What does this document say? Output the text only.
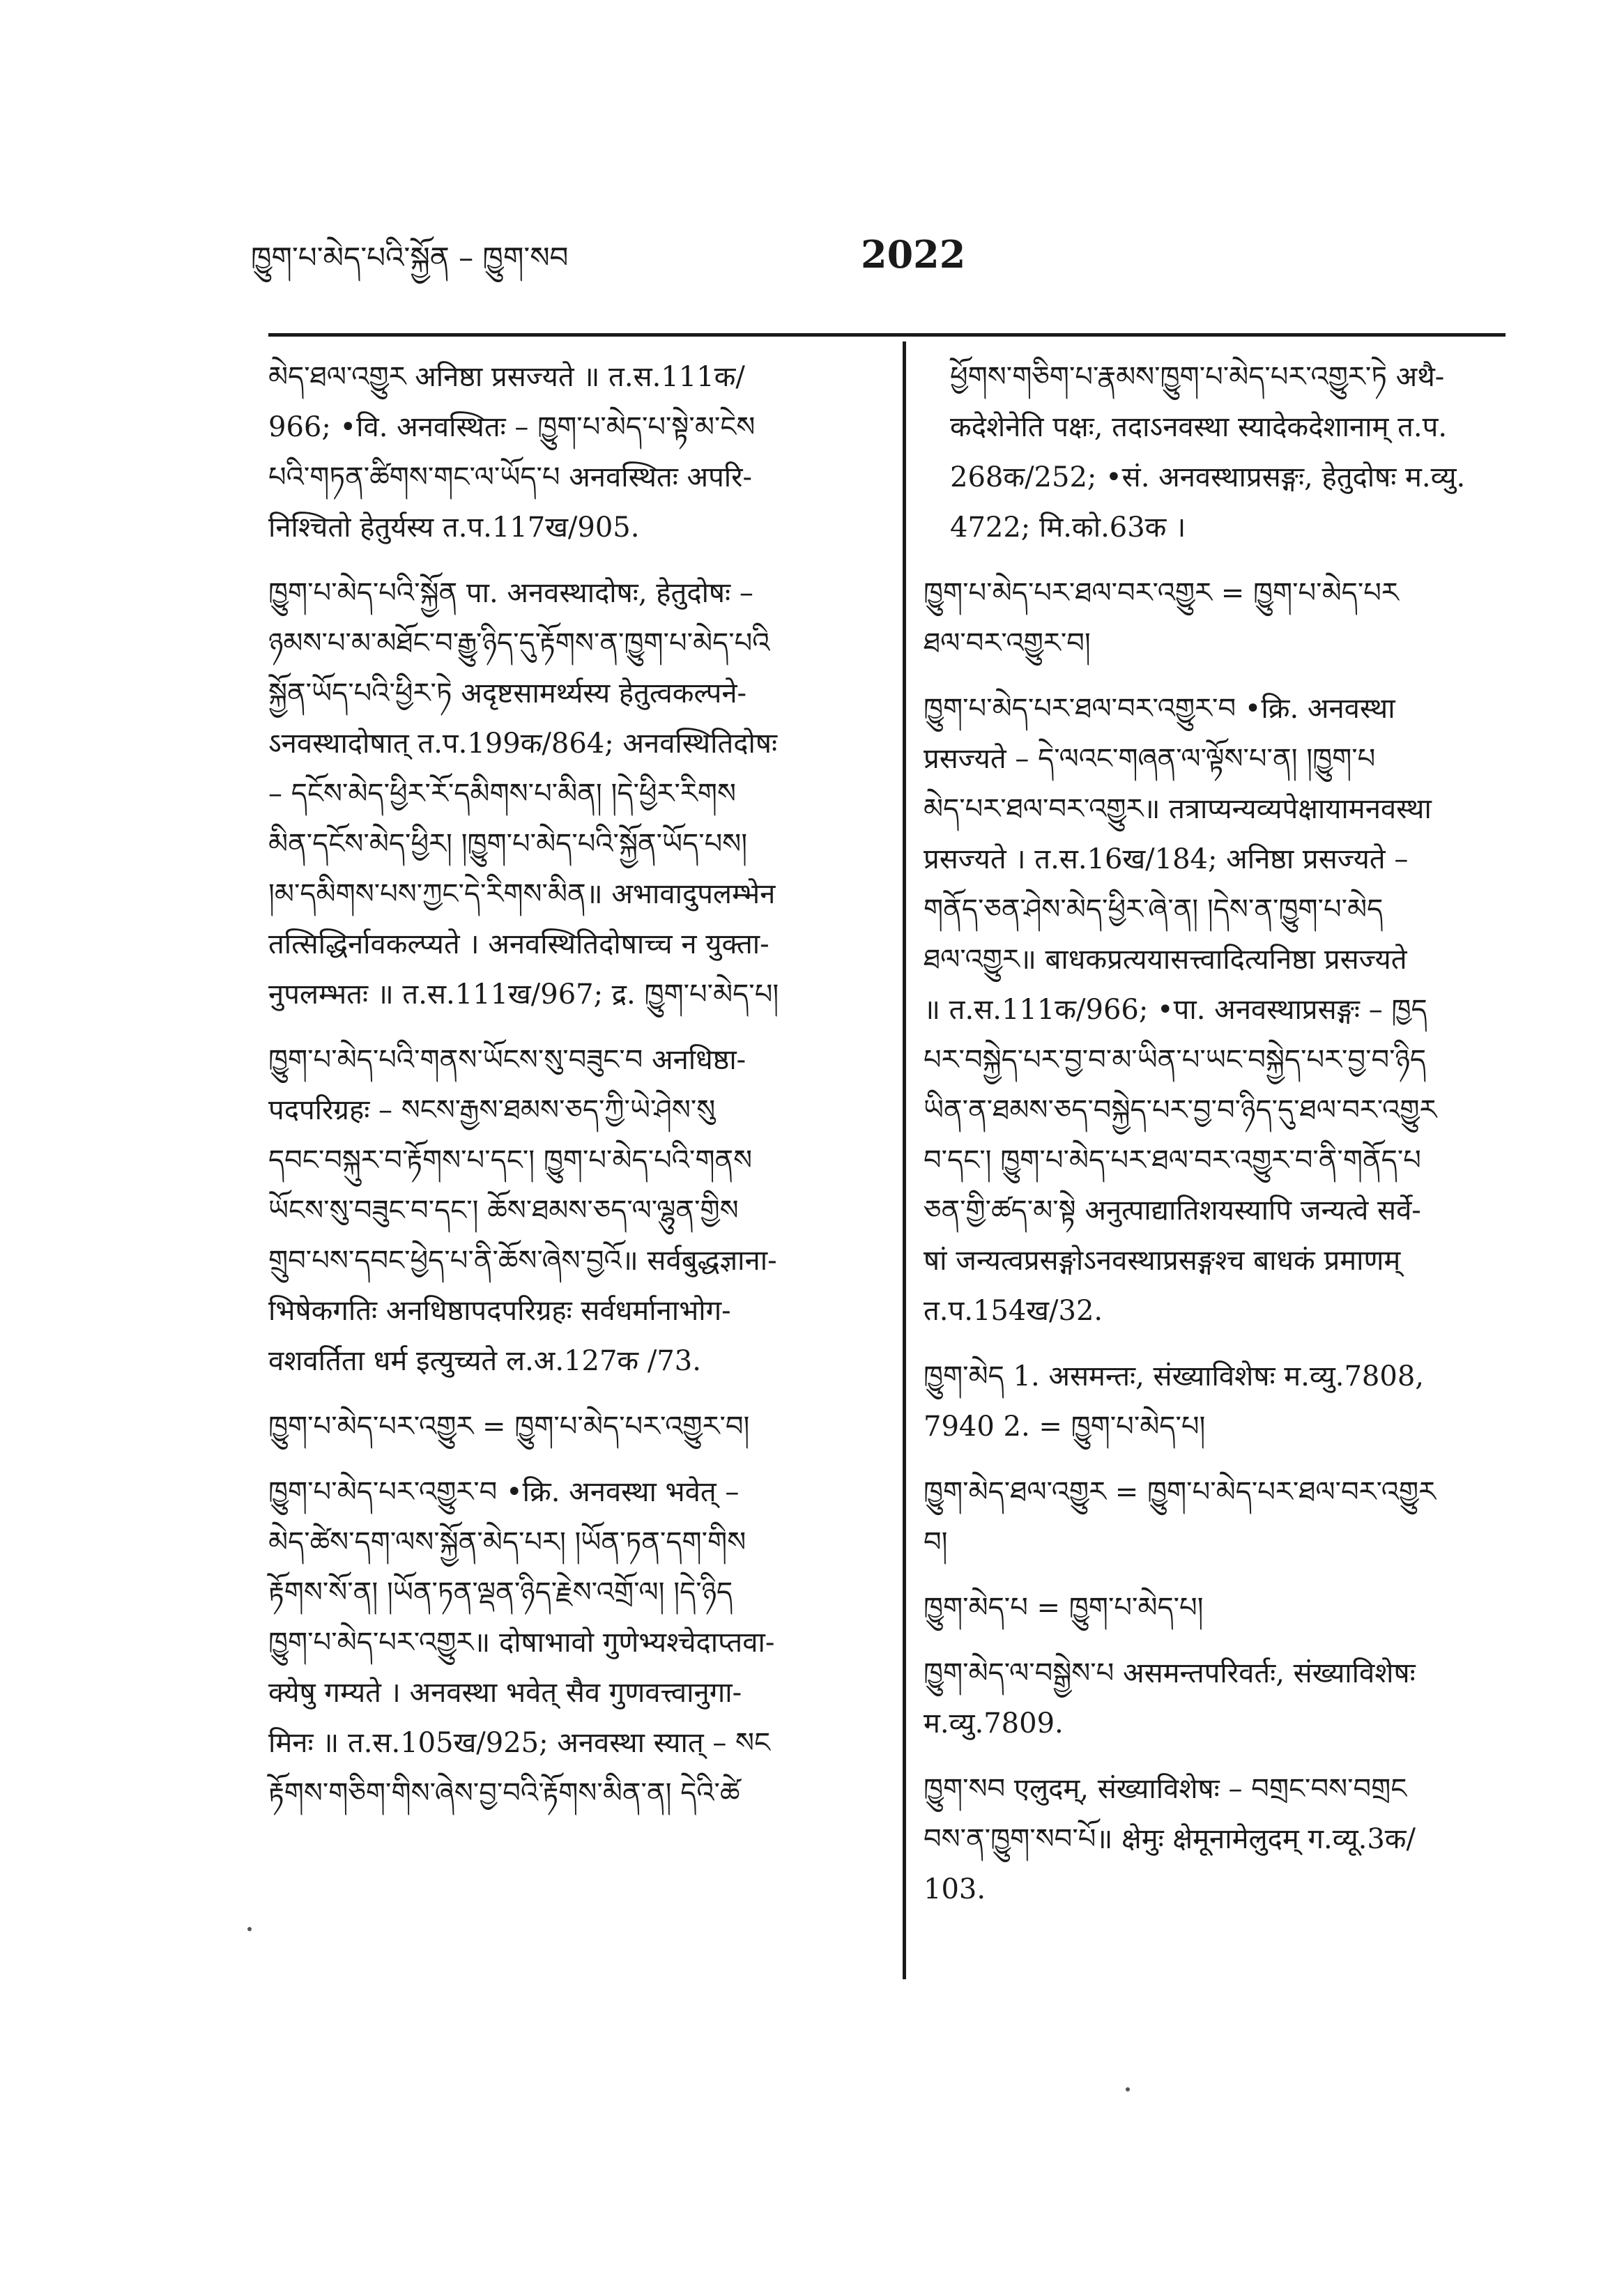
ཁྱུག་པ་མེད་པའི་སྐྱོན – ཁྱུག་སབ	2022
མེད་ཐལ་འགྱུར अनिष्ठा प्रसज्यते ॥ त.स.111क/
966; •वि. अनवस्थितः – ཁྱུག་པ་མེད་པ་སྟེ་མ་ངེས
པའི་གཏན་ཚིགས་གང་ལ་ཡོད་པ अनवस्थितः अपरि-
निश्चितो हेतुर्यस्य त.प.117ख/905.
ཁྱུག་པ་མེད་པའི་སྐྱོན पा. अनवस्थादोषः, हेतुदोषः –
ཉམས་པ་མ་མཐོང་བ་རྒྱུ་ཉིད་དུ་རྟོགས་ན་ཁྱུག་པ་མེད་པའི
སྐྱོན་ཡོད་པའི་ཕྱིར་ཏེ अदृष्टसामर्थ्यस्य हेतुत्वकल्पने-
ऽनवस्थादोषात् त.प.199क/864; अनवस्थितिदोषः
– དངོས་མེད་ཕྱིར་རོ་དམིགས་པ་མིན། །དེ་ཕྱིར་རིགས
མིན་དངོས་མེད་ཕྱིར། །ཁྱུག་པ་མེད་པའི་སྐྱོན་ཡོད་པས།
།མ་དམིགས་པས་ཀྱང་དེ་རིགས་མིན॥ अभावादुपलम्भेन
तत्सिद्धिर्नावकल्प्यते । अनवस्थितिदोषाच्च न युक्ता-
नुपलम्भतः ॥ त.स.111ख/967; द्र. ཁྱུག་པ་མེད་པ།
ཁྱུག་པ་མེད་པའི་གནས་ཡོངས་སུ་བཟུང་བ अनधिष्ठा-
पदपरिग्रहः – སངས་རྒྱས་ཐམས་ཅད་ཀྱི་ཡེ་ཤེས་སུ
དབང་བསྐུར་བ་རྟོགས་པ་དང་། ཁྱུག་པ་མེད་པའི་གནས
ཡོངས་སུ་བཟུང་བ་དང་། ཆོས་ཐམས་ཅད་ལ་ལྷུན་གྱིས
གྲུབ་པས་དབང་ཕྱེད་པ་ནི་ཆོས་ཞེས་བྱའོ॥ सर्वबुद्धज्ञाना-
भिषेकगतिः अनधिष्ठापदपरिग्रहः सर्वधर्मानाभोग-
वशवर्तिता धर्म इत्युच्यते ल.अ.127क /73.
ཁྱུག་པ་མེད་པར་འགྱུར = ཁྱུག་པ་མེད་པར་འགྱུར་བ།
ཁྱུག་པ་མེད་པར་འགྱུར་བ •क्रि. अनवस्था भवेत् –
མེད་ཚེས་དག་ལས་སྐྱོན་མེད་པར། །ཡོན་ཏན་དག་གིས
རྟོགས་སོ་ན། །ཡོན་ཏན་ལྡན་ཉིད་རྗེས་འགྲོ་ལ། །དེ་ཉིད
ཁྱུག་པ་མེད་པར་འགྱུར॥ दोषाभावो गुणेभ्यश्चेदाप्तवा-
क्येषु गम्यते । अनवस्था भवेत् सैव गुणवत्त्वानुगा-
मिनः ॥ त.स.105ख/925; अनवस्था स्यात् – སང
རྟོགས་གཅིག་གིས་ཞེས་བྱ་བའི་རྟོགས་མིན་ན། དེའི་ཚེ
ཕྱོགས་གཅིག་པ་རྣམས་ཁྱུག་པ་མེད་པར་འགྱུར་ཏེ अथै-
कदेशेनेति पक्षः, तदाऽनवस्था स्यादेकदेशानाम् त.प.
268क/252; •सं. अनवस्थाप्रसङ्गः, हेतुदोषः म.व्यु.
4722; मि.को.63क ।
ཁྱུག་པ་མེད་པར་ཐལ་བར་འགྱུར = ཁྱུག་པ་མེད་པར
ཐལ་བར་འགྱུར་བ།
ཁྱུག་པ་མེད་པར་ཐལ་བར་འགྱུར་བ •क्रि. अनवस्था
प्रसज्यते – དེ་ལའང་གཞན་ལ་ལྟོས་པ་ན། །ཁྱུག་པ
མེད་པར་ཐལ་བར་འགྱུར॥ तत्राप्यन्यव्यपेक्षायामनवस्था
प्रसज्यते । त.स.16ख/184; अनिष्ठा प्रसज्यते –
གནོད་ཅན་ཤེས་མེད་ཕྱིར་ཞེ་ན། །དེས་ན་ཁྱུག་པ་མེད
ཐལ་འགྱུར॥ बाधकप्रत्ययासत्त्वादित्यनिष्ठा प्रसज्यते
॥ त.स.111क/966; •पा. अनवस्थाप्रसङ्गः – ཁྱད
པར་བསྐྱེད་པར་བྱ་བ་མ་ཡིན་པ་ཡང་བསྐྱེད་པར་བྱ་བ་ཉིད
ཡིན་ན་ཐམས་ཅད་བསྐྱེད་པར་བྱ་བ་ཉིད་དུ་ཐལ་བར་འགྱུར
བ་དང་། ཁྱུག་པ་མེད་པར་ཐལ་བར་འགྱུར་བ་ནི་གནོད་པ
ཅན་གྱི་ཚད་མ་སྟེ अनुत्पाद्यातिशयस्यापि जन्यत्वे सर्वे-
षां जन्यत्वप्रसङ्गोऽनवस्थाप्रसङ्गश्च बाधकं प्रमाणम्
त.प.154ख/32.
ཁྱུག་མེད 1. असमन्तः, संख्याविशेषः म.व्यु.7808,
7940 2. = ཁྱུག་པ་མེད་པ།
ཁྱུག་མེད་ཐལ་འགྱུར = ཁྱུག་པ་མེད་པར་ཐལ་བར་འགྱུར
བ།
ཁྱུག་མེད་པ = ཁྱུག་པ་མེད་པ།
ཁྱུག་མེད་ལ་བསྒྱེས་པ असमन्तपरिवर्तः, संख्याविशेषः
म.व्यु.7809.
ཁྱུག་སབ एलुदम्, संख्याविशेषः – བགྲང་བས་བགྲང
བས་ན་ཁྱུག་སབ་པོ॥ क्षेमुः क्षेमूनामेलुदम् ग.व्यू.3क/
103.
